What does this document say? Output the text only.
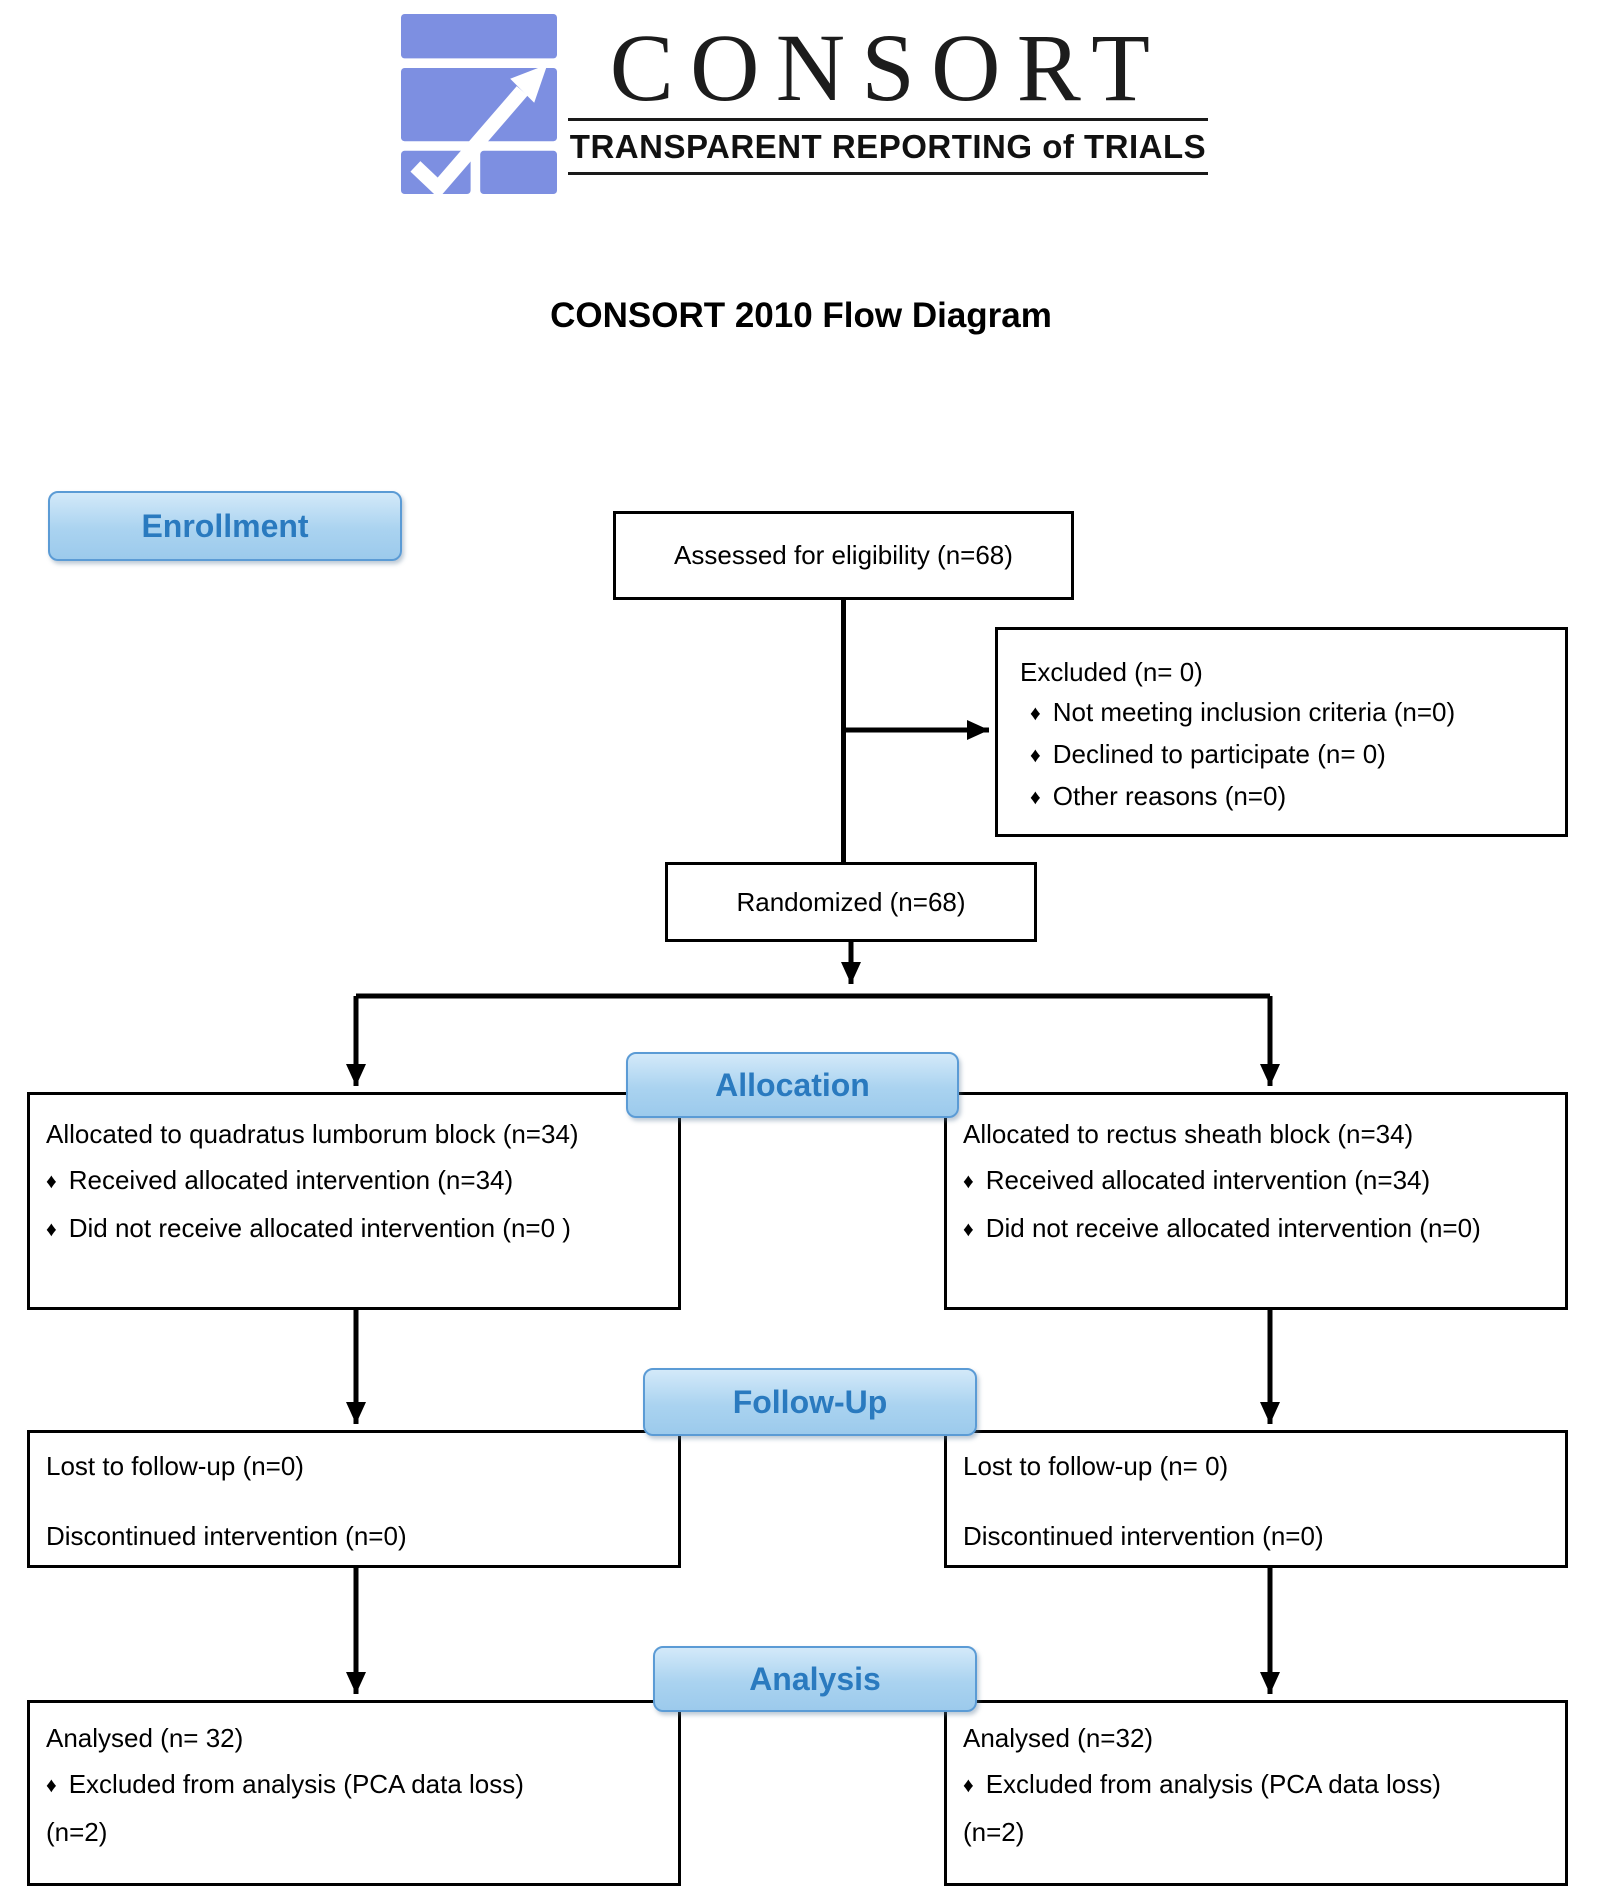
CONSORT
TRANSPARENT REPORTING of TRIALS
CONSORT 2010 Flow Diagram
Enrollment
Allocation
Follow-Up
Analysis
Assessed for eligibility (n=68)
Excluded (n= 0)
♦ Not meeting inclusion criteria (n=0)
♦ Declined to participate (n= 0)
♦ Other reasons (n=0)
Randomized (n=68)
Allocated to quadratus lumborum block (n=34)
♦ Received allocated intervention (n=34)
♦ Did not receive allocated intervention (n=0 )
Allocated to rectus sheath block (n=34)
♦ Received allocated intervention (n=34)
♦ Did not receive allocated intervention (n=0)
Lost to follow-up (n=0)
Discontinued intervention (n=0)
Lost to follow-up (n= 0)
Discontinued intervention (n=0)
Analysed (n= 32)
♦ Excluded from analysis (PCA data loss)
(n=2)
Analysed (n=32)
♦ Excluded from analysis (PCA data loss)
(n=2)
